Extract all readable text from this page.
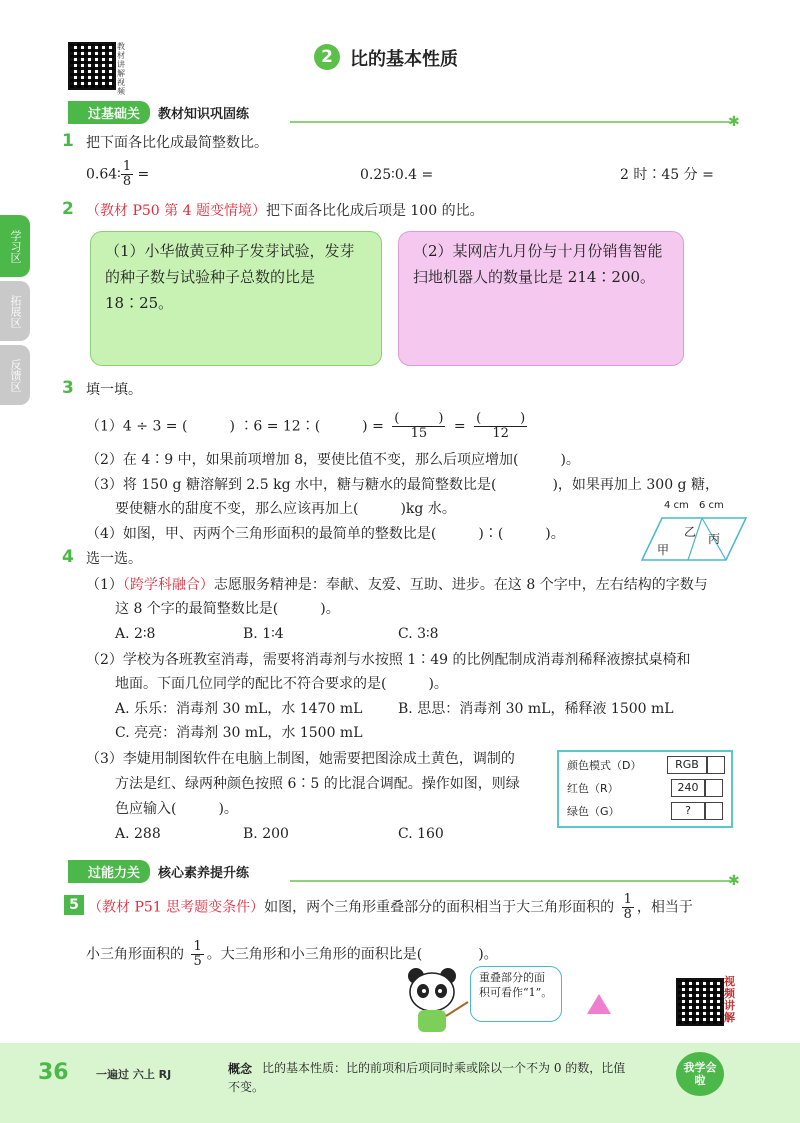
教材讲解视频
2 比的基本性质
学习区
拓展区
反馈区
过基础关	教材知识巩固练	✱
1 把下面各比化成最简整数比。
0.64∶ $\frac{1}{8}$ =	0.25∶0.4 =	2 时∶45 分 =
2 （教材 P50 第 4 题变情境）把下面各比化成后项是 100 的比。
（1）小华做黄豆种子发芽试验，发芽的种子数与试验种子总数的比是 18∶25。
（2）某网店九月份与十月份销售智能扫地机器人的数量比是 214∶200。
3 填一填。
（1）4 ÷ 3 = (　　　) ∶6 = 12∶(　　　) = $\frac{( )}{15} = \frac{( )}{12}$
（2）在 4∶9 中，如果前项增加 8，要使比值不变，那么后项应增加(　　　)。
（3）将 150 g 糖溶解到 2.5 kg 水中，糖与糖水的最简整数比是(　　　　)，如果再加上 300 g 糖，
要使糖水的甜度不变，那么应该再加上(　　　)kg 水。
（4）如图，甲、丙两个三角形面积的最简单的整数比是(　　　)∶(　　　)。
4 cm 6 cm
甲
乙 丙
4 选一选。
（1）（跨学科融合）志愿服务精神是：奉献、友爱、互助、进步。在这 8 个字中，左右结构的字数与
这 8 个字的最简整数比是(　　　)。
A. 2∶8	B. 1∶4	C. 3∶8
（2）学校为各班教室消毒，需要将消毒剂与水按照 1∶49 的比例配制成消毒剂稀释液擦拭桌椅和
地面。下面几位同学的配比不符合要求的是(　　　)。
A. 乐乐：消毒剂 30 mL，水 1470 mL	B. 思思：消毒剂 30 mL，稀释液 1500 mL
C. 亮亮：消毒剂 30 mL，水 1500 mL
（3）李婕用制图软件在电脑上制图，她需要把图涂成土黄色，调制的
方法是红、绿两种颜色按照 6∶5 的比混合调配。操作如图，则绿
色应输入(　　　)。
A. 288	B. 200	C. 160
颜色模式（D）	RGB
红色（R）	240
绿色（G）	?
过能力关	核心素养提升练	✱
5 （教材 P51 思考题变条件）如图，两个三角形重叠部分的面积相当于大三角形面积的 $\frac{1}{8}$ ，相当于
小三角形面积的 $\frac{1}{5}$ 。大三角形和小三角形的面积比是(　　　　)。
重叠部分的面积可看作“1”。
视频讲解
36 一遍过 六上 RJ	概念 比的基本性质：比的前项和后项同时乘或除以一个不为 0 的数，比值
不变。
我学会啦
